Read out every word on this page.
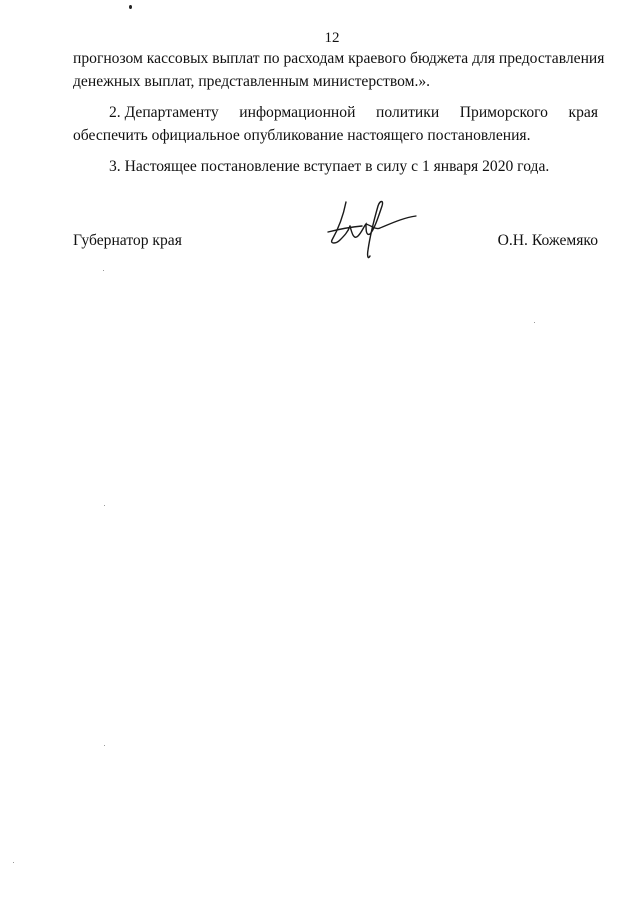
12
прогнозом кассовых выплат по расходам краевого бюджета для предоставления
денежных выплат, представленным министерством.».
2. Департаменту информационной политики Приморского края
обеспечить официальное опубликование настоящего постановления.
3. Настоящее постановление вступает в силу с 1 января 2020 года.
Губернатор края	О.Н. Кожемяко
